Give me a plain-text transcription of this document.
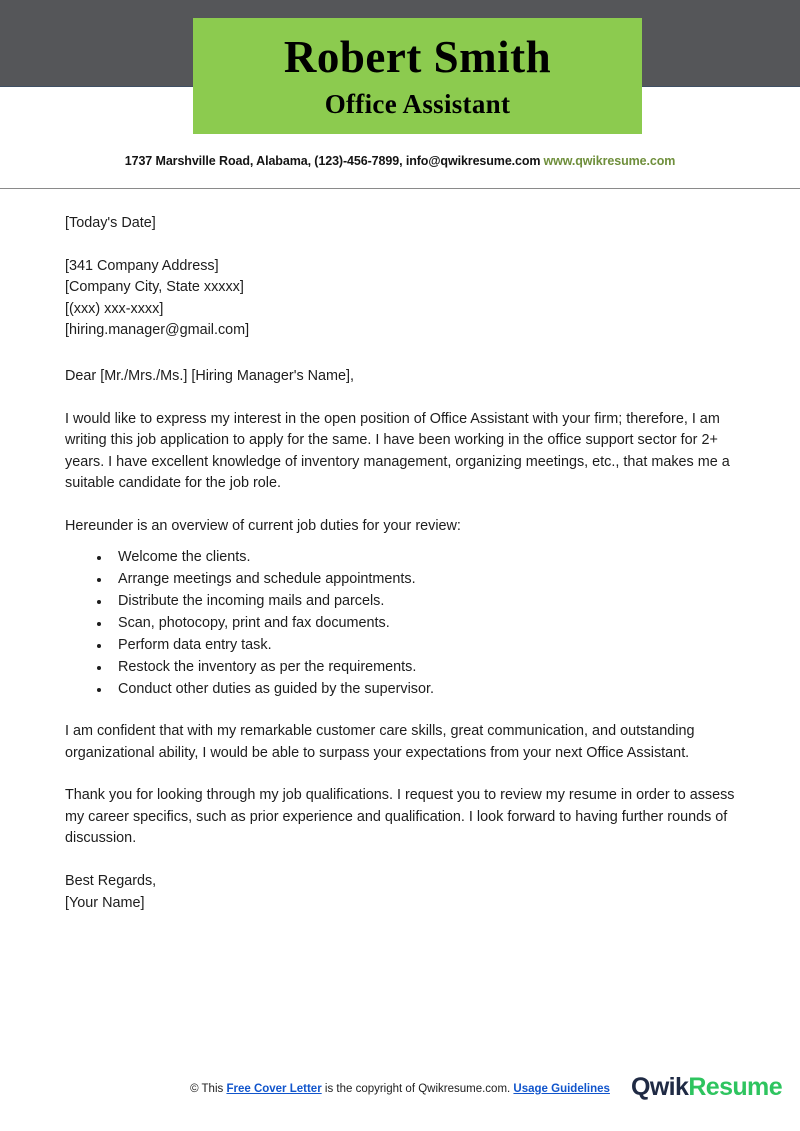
Robert Smith
Office Assistant
1737 Marshville Road, Alabama, (123)-456-7899, info@qwikresume.com www.qwikresume.com
[Today's Date]
[341 Company Address]
[Company City, State xxxxx]
[(xxx) xxx-xxxx]
[hiring.manager@gmail.com]

Dear [Mr./Mrs./Ms.] [Hiring Manager's Name],

I would like to express my interest in the open position of Office Assistant with your firm; therefore, I am writing this job application to apply for the same. I have been working in the office support sector for 2+ years. I have excellent knowledge of inventory management, organizing meetings, etc., that makes me a suitable candidate for the job role.

Hereunder is an overview of current job duties for your review:

Welcome the clients.
Arrange meetings and schedule appointments.
Distribute the incoming mails and parcels.
Scan, photocopy, print and fax documents.
Perform data entry task.
Restock the inventory as per the requirements.
Conduct other duties as guided by the supervisor.

I am confident that with my remarkable customer care skills, great communication, and outstanding organizational ability, I would be able to surpass your expectations from your next Office Assistant.

Thank you for looking through my job qualifications. I request you to review my resume in order to assess my career specifics, such as prior experience and qualification. I look forward to having further rounds of discussion.

Best Regards,
[Your Name]
© This Free Cover Letter is the copyright of Qwikresume.com. Usage Guidelines QwikResume
